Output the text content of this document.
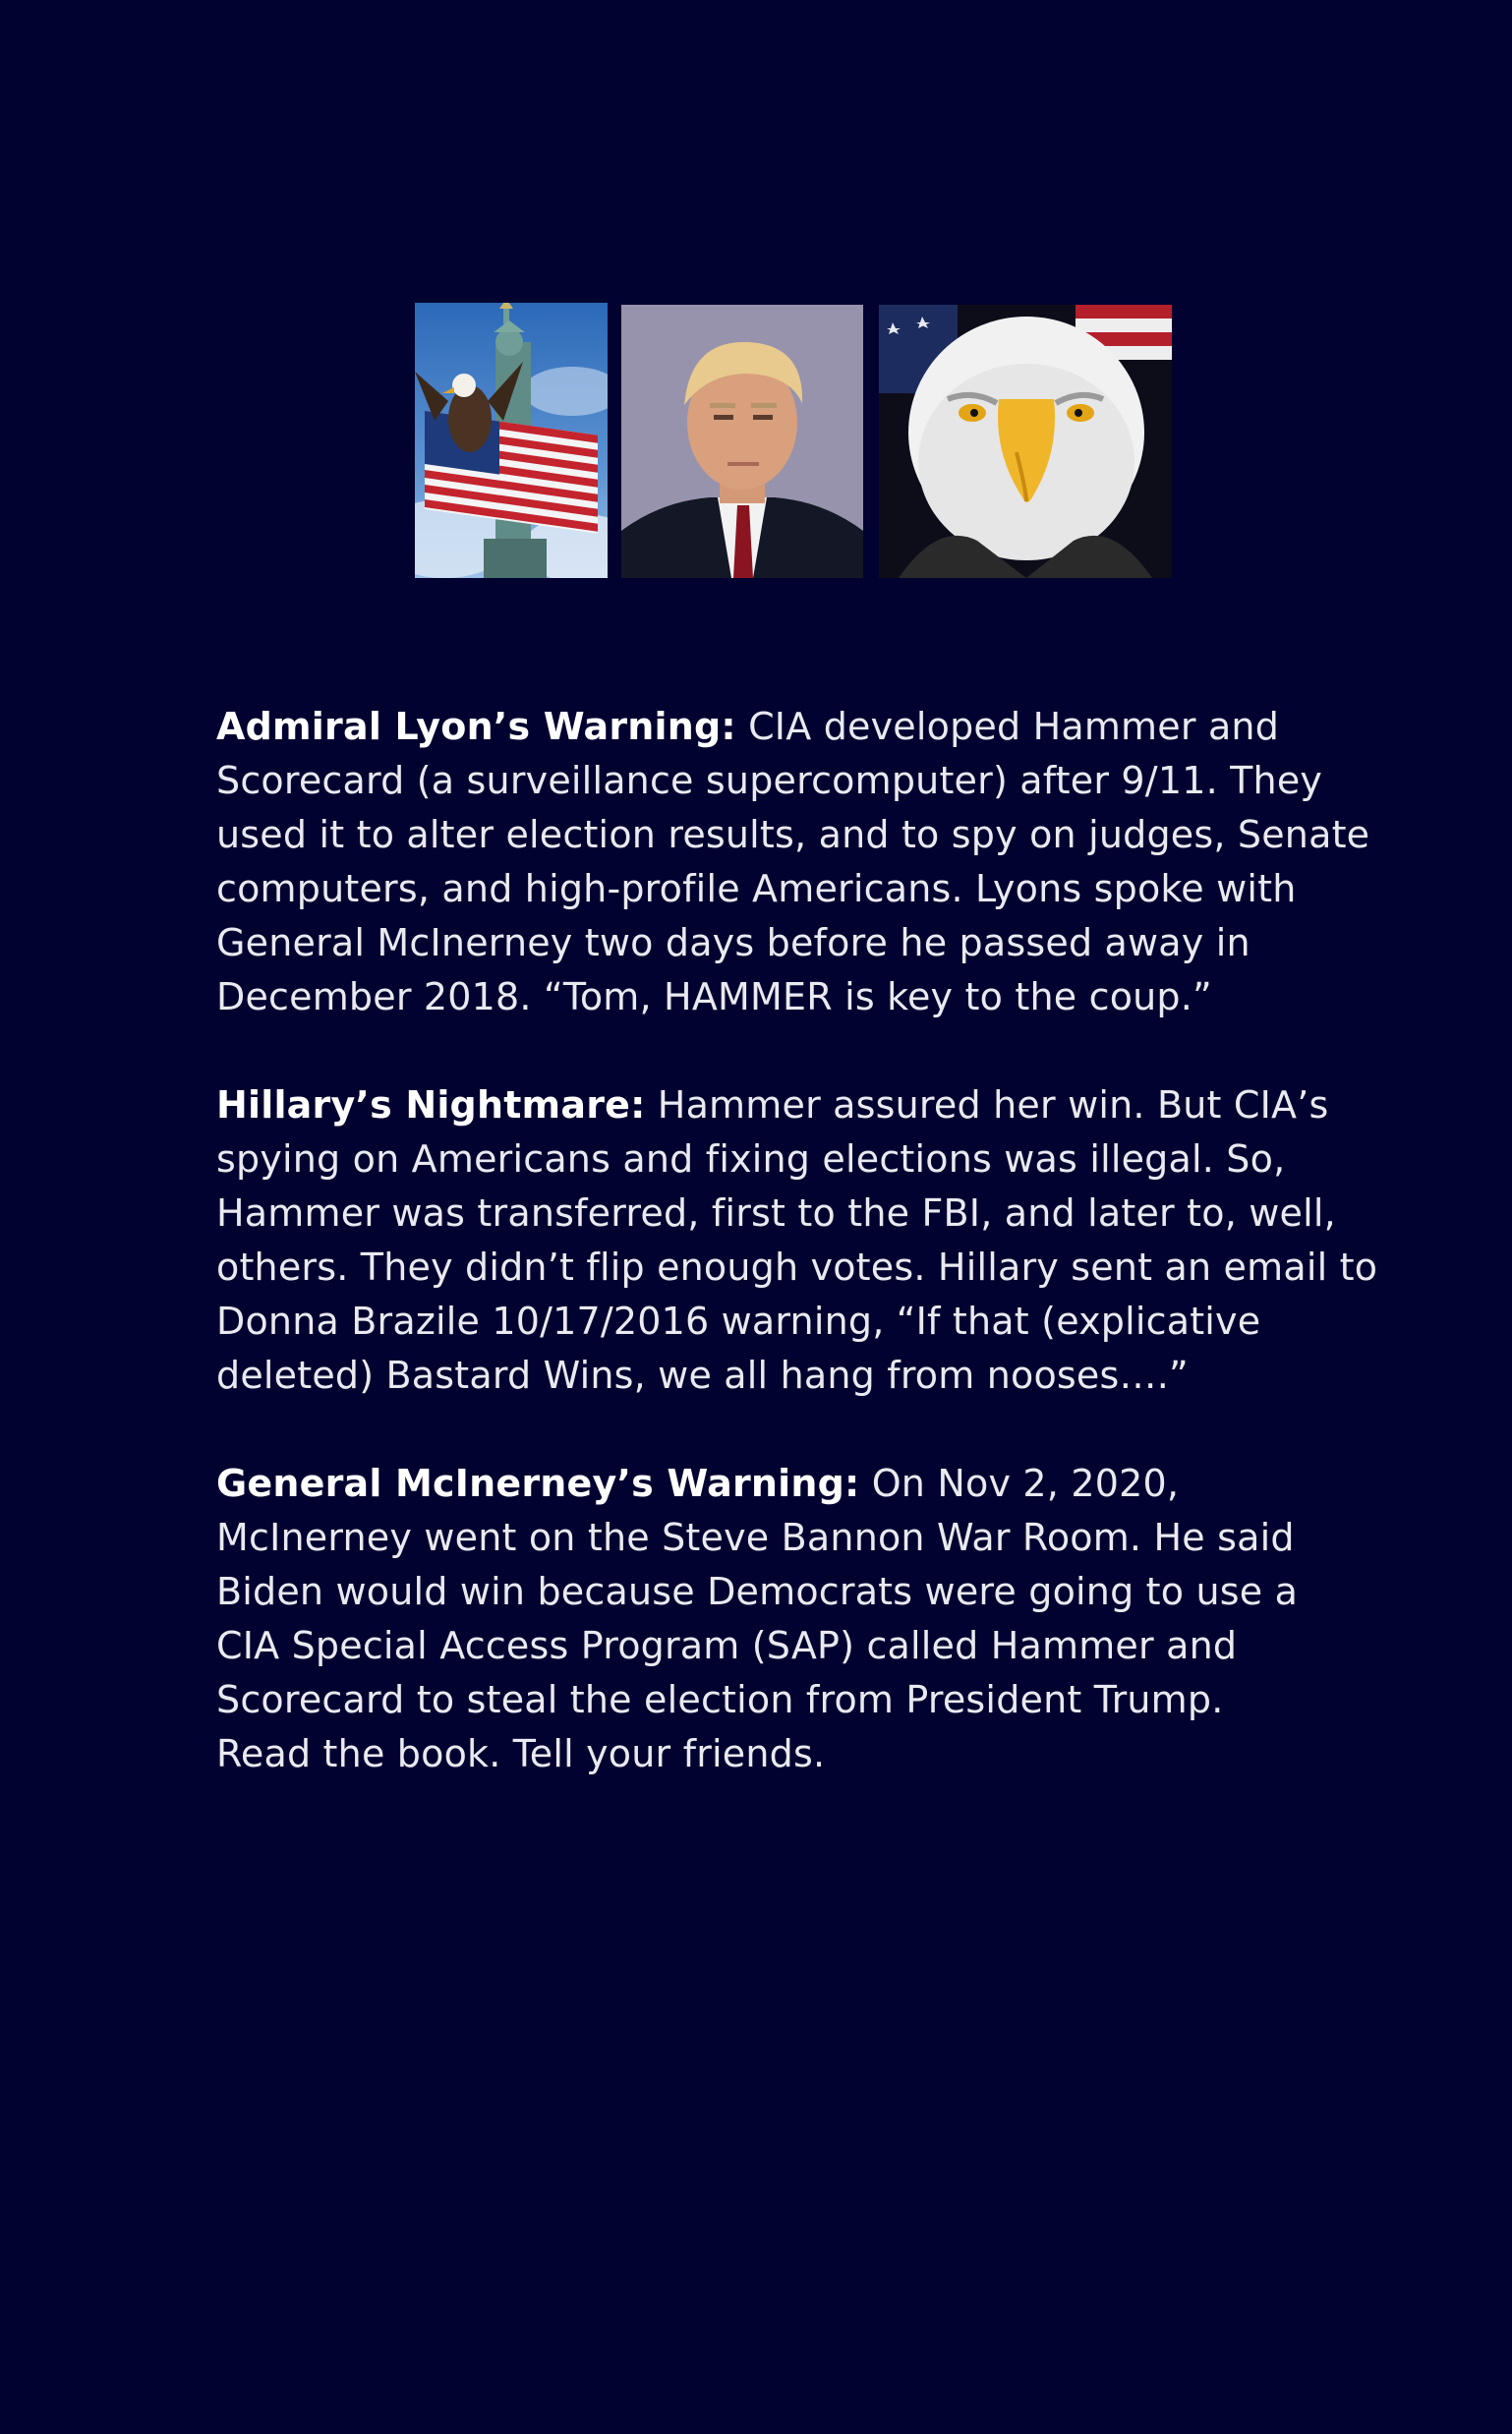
Admiral Lyon’s Warning: CIA developed Hammer and
Scorecard (a surveillance supercomputer) after 9/11. They
used it to alter election results, and to spy on judges, Senate
computers, and high-profile Americans. Lyons spoke with
General McInerney two days before he passed away in
December 2018. “Tom, HAMMER is key to the coup.”

Hillary’s Nightmare: Hammer assured her win. But CIA’s
spying on Americans and fixing elections was illegal. So,
Hammer was transferred, first to the FBI, and later to, well,
others. They didn’t flip enough votes. Hillary sent an email to
Donna Brazile 10/17/2016 warning, “If that (explicative
deleted) Bastard Wins, we all hang from nooses….”

General McInerney’s Warning: On Nov 2, 2020,
McInerney went on the Steve Bannon War Room. He said
Biden would win because Democrats were going to use a
CIA Special Access Program (SAP) called Hammer and
Scorecard to steal the election from President Trump.
Read the book. Tell your friends.
